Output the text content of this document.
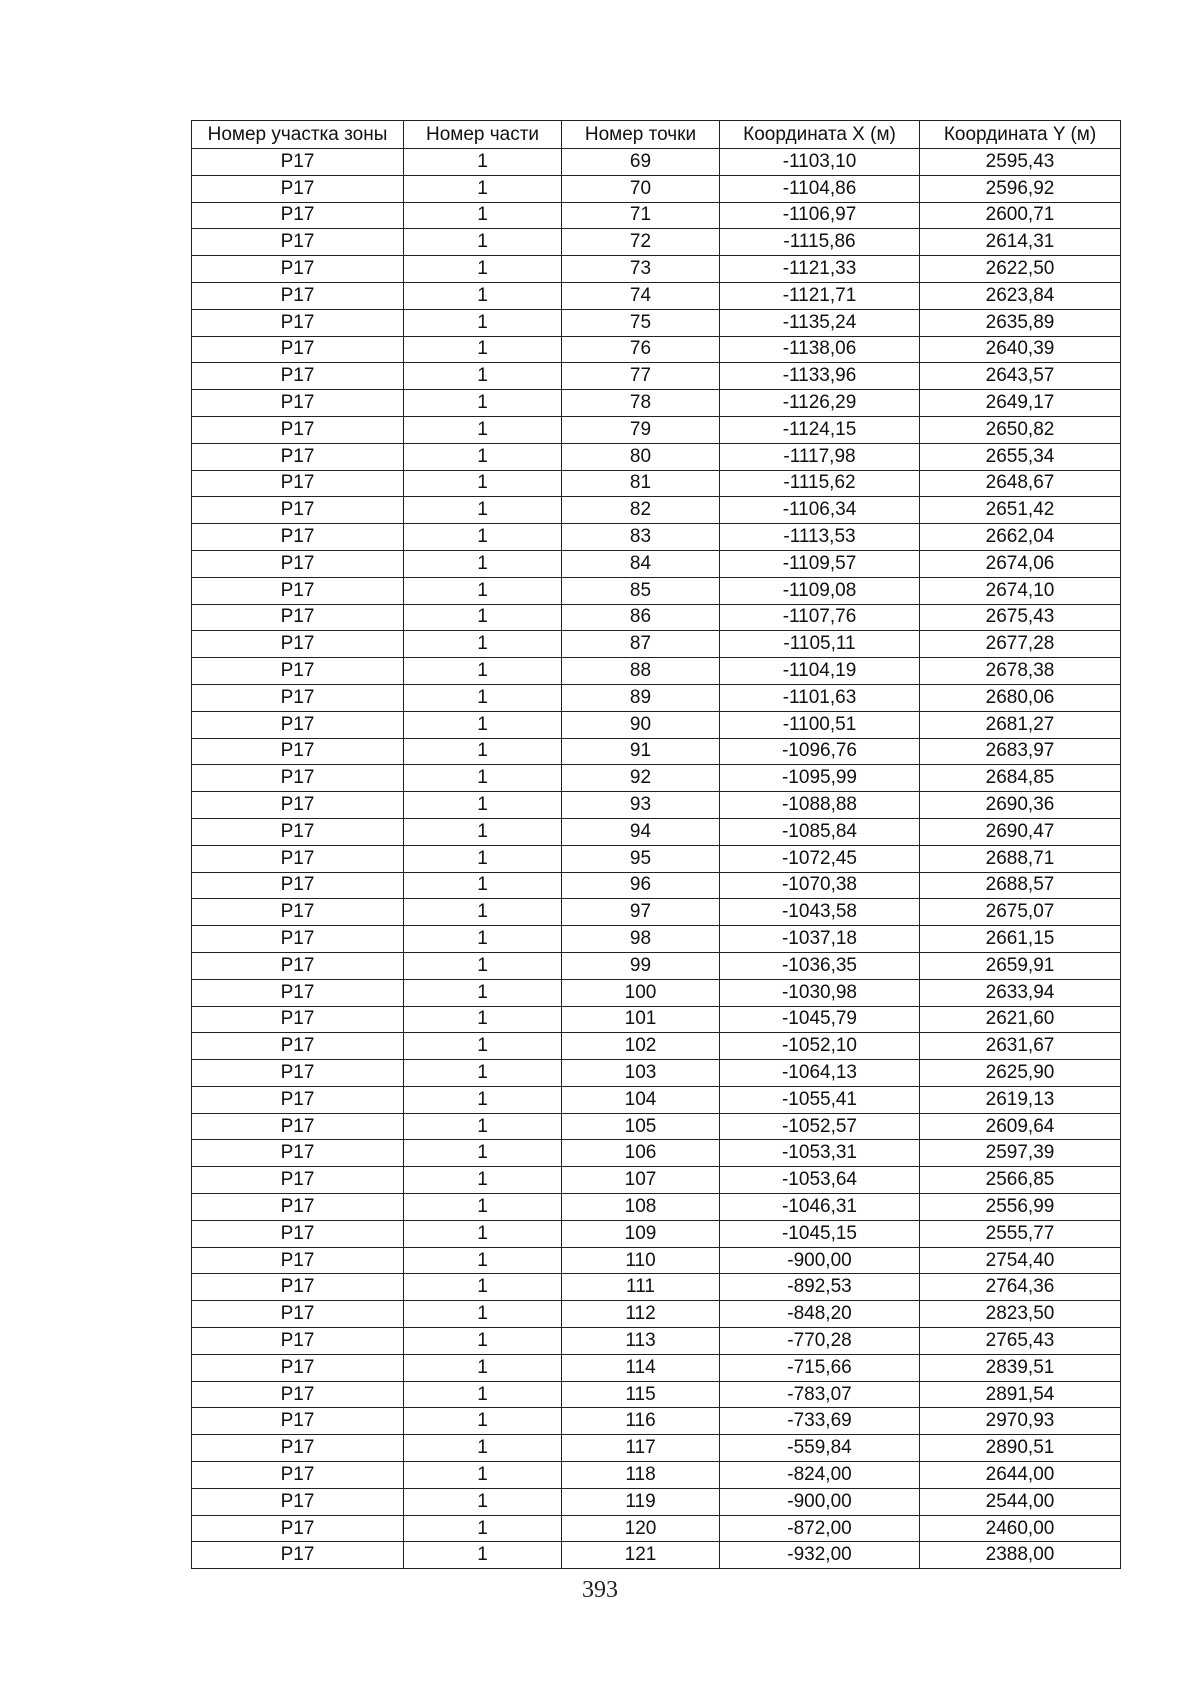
Номер участка зоны	Номер части	Номер точки	Координата X (м)	Координата Y (м)
Р17	1	69	-1103,10	2595,43
Р17	1	70	-1104,86	2596,92
Р17	1	71	-1106,97	2600,71
Р17	1	72	-1115,86	2614,31
Р17	1	73	-1121,33	2622,50
Р17	1	74	-1121,71	2623,84
Р17	1	75	-1135,24	2635,89
Р17	1	76	-1138,06	2640,39
Р17	1	77	-1133,96	2643,57
Р17	1	78	-1126,29	2649,17
Р17	1	79	-1124,15	2650,82
Р17	1	80	-1117,98	2655,34
Р17	1	81	-1115,62	2648,67
Р17	1	82	-1106,34	2651,42
Р17	1	83	-1113,53	2662,04
Р17	1	84	-1109,57	2674,06
Р17	1	85	-1109,08	2674,10
Р17	1	86	-1107,76	2675,43
Р17	1	87	-1105,11	2677,28
Р17	1	88	-1104,19	2678,38
Р17	1	89	-1101,63	2680,06
Р17	1	90	-1100,51	2681,27
Р17	1	91	-1096,76	2683,97
Р17	1	92	-1095,99	2684,85
Р17	1	93	-1088,88	2690,36
Р17	1	94	-1085,84	2690,47
Р17	1	95	-1072,45	2688,71
Р17	1	96	-1070,38	2688,57
Р17	1	97	-1043,58	2675,07
Р17	1	98	-1037,18	2661,15
Р17	1	99	-1036,35	2659,91
Р17	1	100	-1030,98	2633,94
Р17	1	101	-1045,79	2621,60
Р17	1	102	-1052,10	2631,67
Р17	1	103	-1064,13	2625,90
Р17	1	104	-1055,41	2619,13
Р17	1	105	-1052,57	2609,64
Р17	1	106	-1053,31	2597,39
Р17	1	107	-1053,64	2566,85
Р17	1	108	-1046,31	2556,99
Р17	1	109	-1045,15	2555,77
Р17	1	110	-900,00	2754,40
Р17	1	111	-892,53	2764,36
Р17	1	112	-848,20	2823,50
Р17	1	113	-770,28	2765,43
Р17	1	114	-715,66	2839,51
Р17	1	115	-783,07	2891,54
Р17	1	116	-733,69	2970,93
Р17	1	117	-559,84	2890,51
Р17	1	118	-824,00	2644,00
Р17	1	119	-900,00	2544,00
Р17	1	120	-872,00	2460,00
Р17	1	121	-932,00	2388,00
393
